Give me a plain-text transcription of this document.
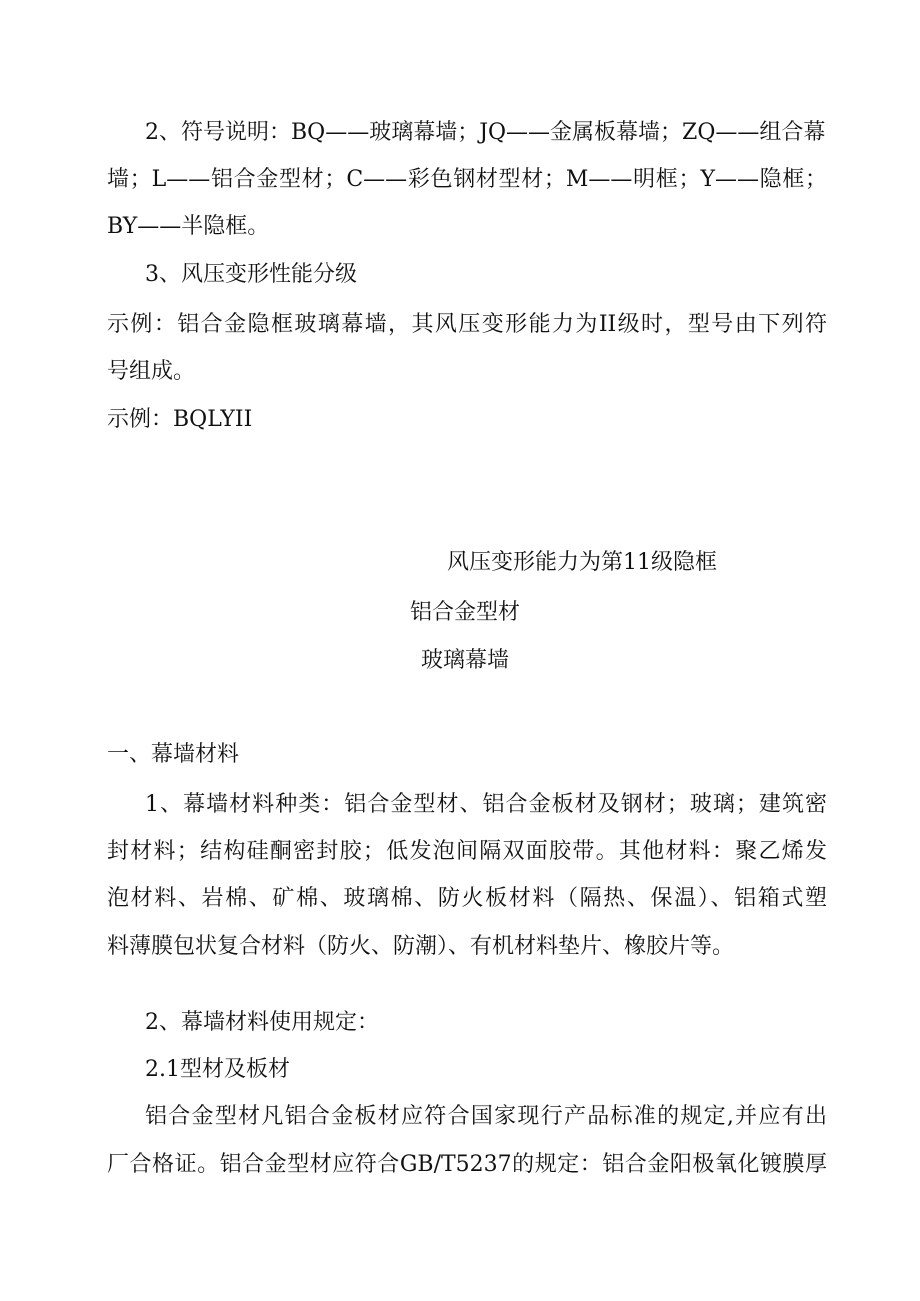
2、符号说明：BQ——玻璃幕墙；JQ——金属板幕墙；ZQ——组合幕

墙；L——铝合金型材；C——彩色钢材型材；M——明框；Y——隐框；

BY——半隐框。

3、风压变形性能分级

示例：铝合金隐框玻璃幕墙，其风压变形能力为II级时，型号由下列符

号组成。

示例：BQLYII

风压变形能力为第11级隐框

铝合金型材

玻璃幕墙

一、幕墙材料

1、幕墙材料种类：铝合金型材、铝合金板材及钢材；玻璃；建筑密

封材料；结构硅酮密封胶；低发泡间隔双面胶带。其他材料：聚乙烯发

泡材料、岩棉、矿棉、玻璃棉、防火板材料（隔热、保温）、铝箱式塑

料薄膜包状复合材料（防火、防潮）、有机材料垫片、橡胶片等。

2、幕墙材料使用规定：

2.1型材及板材

铝合金型材凡铝合金板材应符合国家现行产品标准的规定,并应有出

厂合格证。铝合金型材应符合GB/T5237的规定：铝合金阳极氧化镀膜厚
